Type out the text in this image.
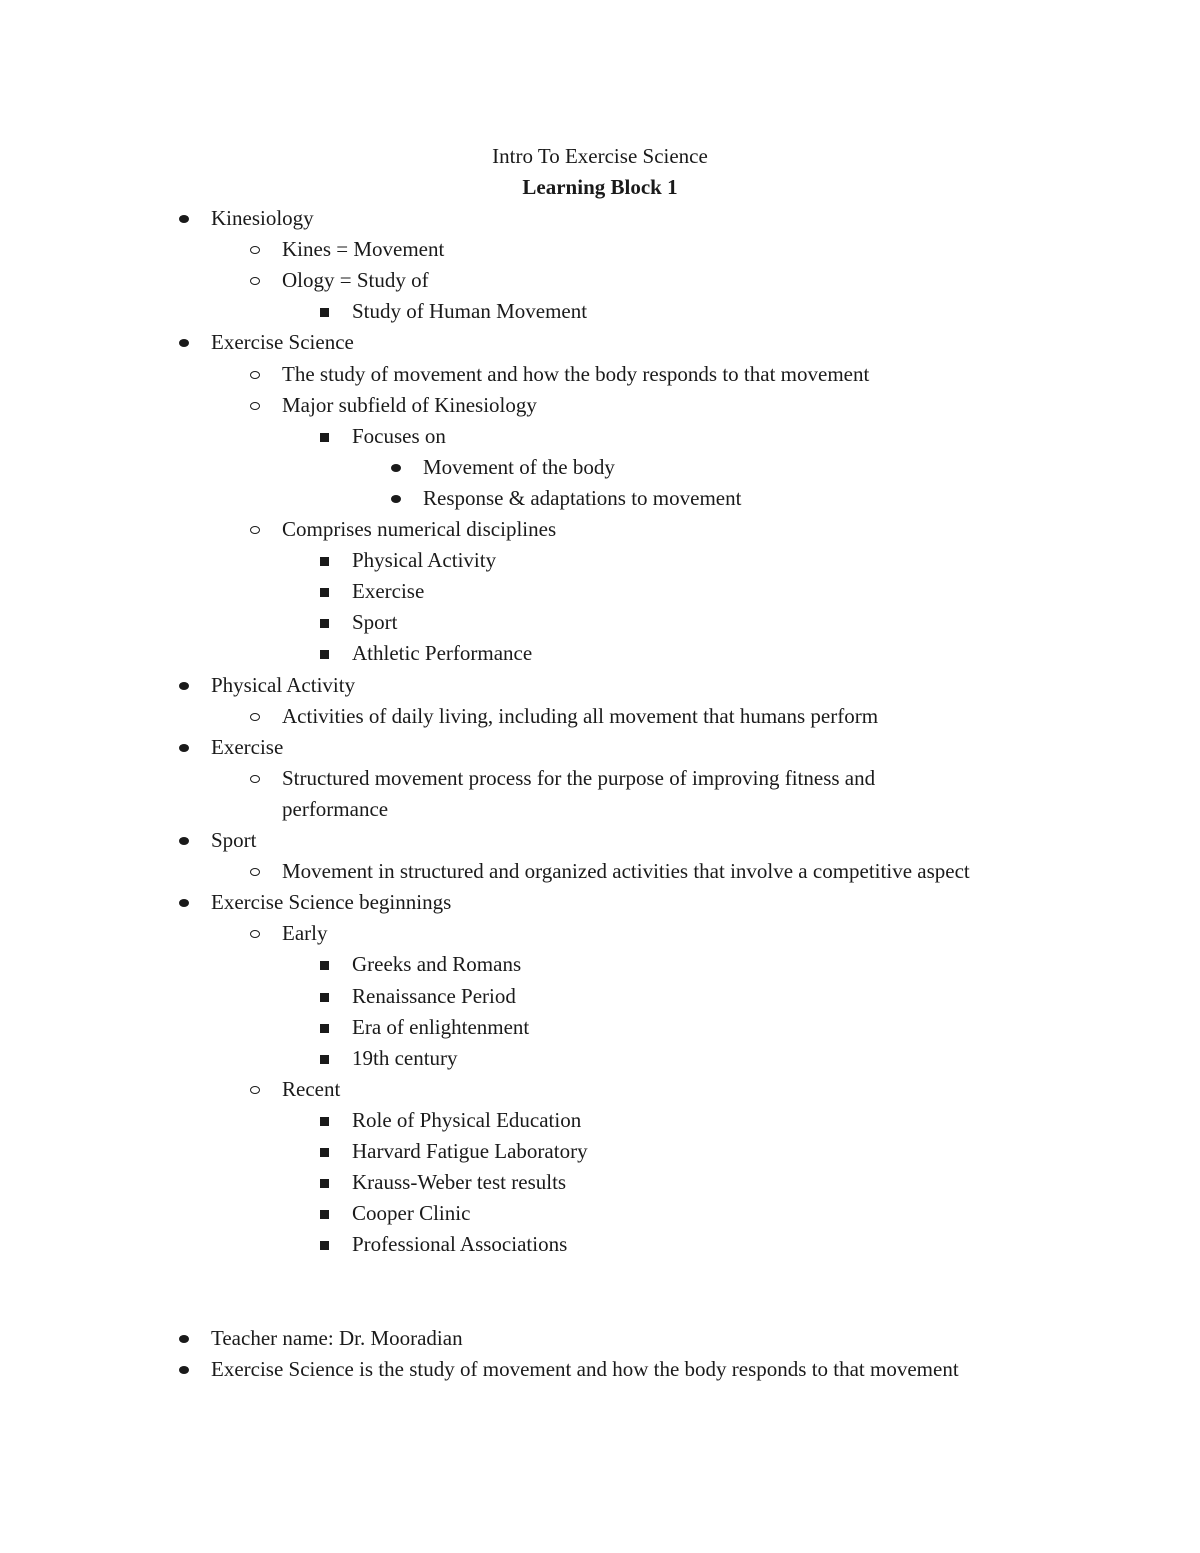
Intro To Exercise Science
Learning Block 1
Kinesiology
Kines = Movement
Ology = Study of
Study of Human Movement
Exercise Science
The study of movement and how the body responds to that movement
Major subfield of Kinesiology
Focuses on
Movement of the body
Response & adaptations to movement
Comprises numerical disciplines
Physical Activity
Exercise
Sport
Athletic Performance
Physical Activity
Activities of daily living, including all movement that humans perform
Exercise
Structured movement process for the purpose of improving fitness and performance
Sport
Movement in structured and organized activities that involve a competitive aspect
Exercise Science beginnings
Early
Greeks and Romans
Renaissance Period
Era of enlightenment
19th century
Recent
Role of Physical Education
Harvard Fatigue Laboratory
Krauss-Weber test results
Cooper Clinic
Professional Associations
Teacher name: Dr. Mooradian
Exercise Science is the study of movement and how the body responds to that movement
